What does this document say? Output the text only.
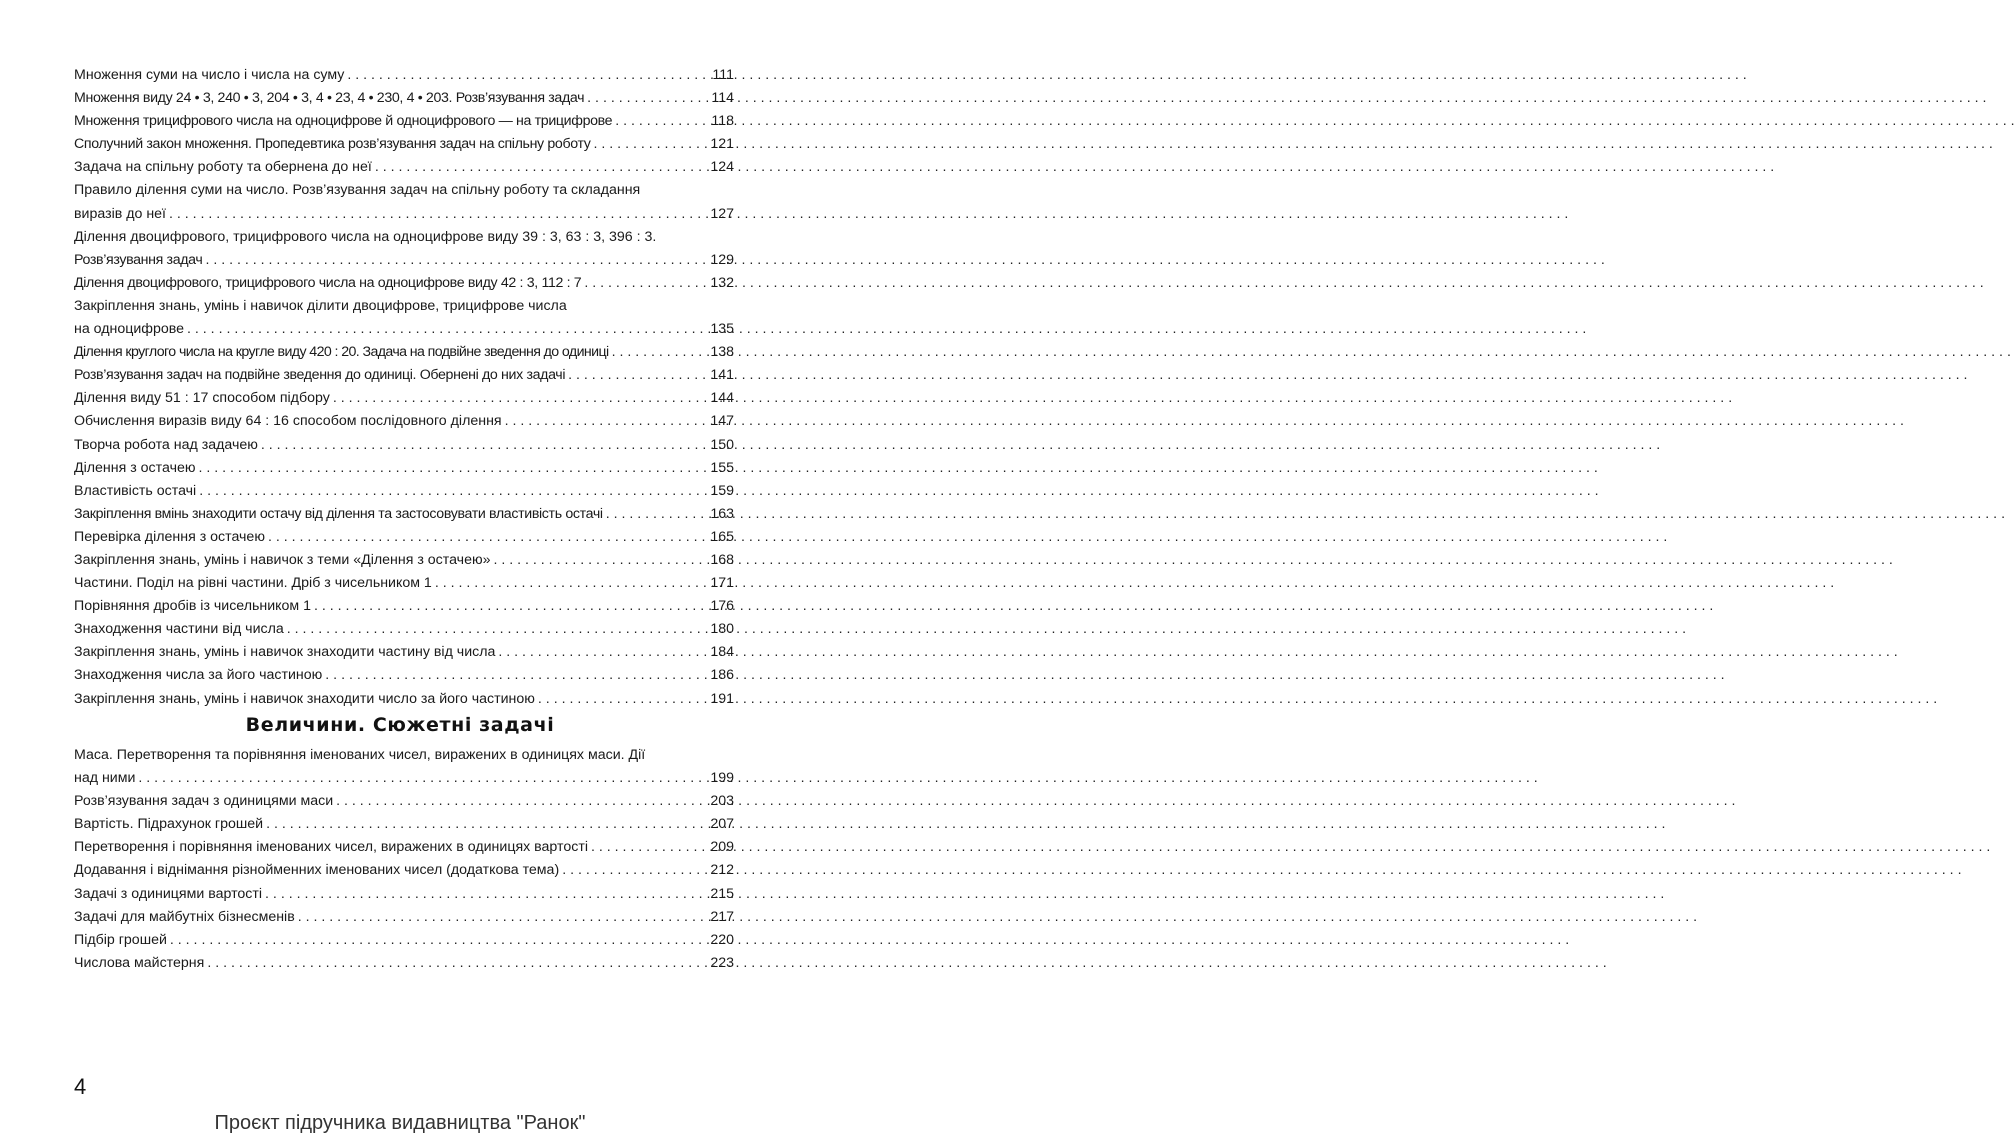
Множення суми на число і числа на суму . . .	111
Множення виду 24 • 3, 240 • 3, 204 • 3, 4 • 23, 4 • 230, 4 • 203. Розв’язування задач . . .	114
Множення трицифрового числа на одноцифрове й одноцифрового — на трицифрове . . .	118
Сполучний закон множення. Пропедевтика розв’язування задач на спільну роботу . . .	121
Задача на спільну роботу та обернена до неї . . .	124
Правило ділення суми на число. Розв’язування задач на спільну роботу та складання
виразів до неї . . .	127
Ділення двоцифрового, трицифрового числа на одноцифрове виду 39 : 3, 63 : 3, 396 : 3.
Розв’язування задач . . .	129
Ділення двоцифрового, трицифрового числа на одноцифрове виду 42 : 3, 112 : 7 . . .	132
Закріплення знань, умінь і навичок ділити двоцифрове, трицифрове числа
на одноцифрове . . .	135
Ділення круглого числа на кругле виду 420 : 20. Задача на подвійне зведення до одиниці . . .	138
Розв’язування задач на подвійне зведення до одиниці. Обернені до них задачі . . .	141
Ділення виду 51 : 17 способом підбору . . .	144
Обчислення виразів виду 64 : 16 способом послідовного ділення . . .	147
Творча робота над задачею . . .	150
Ділення з остачею . . .	155
Властивість остачі . . .	159
Закріплення вмінь знаходити остачу від ділення та застосовувати властивість остачі . . .	163
Перевірка ділення з остачею . . .	165
Закріплення знань, умінь і навичок з теми «Ділення з остачею» . . .	168
Частини. Поділ на рівні частини. Дріб з чисельником 1 . . .	171
Порівняння дробів із чисельником 1 . . .	176
Знаходження частини від числа . . .	180
Закріплення знань, умінь і навичок знаходити частину від числа . . .	184
Знаходження числа за його частиною . . .	186
Закріплення знань, умінь і навичок знаходити число за його частиною . . .	191
Величини. Сюжетні задачі
Маса. Перетворення та порівняння іменованих чисел, виражених в одиницях маси. Дії
над ними . . .	199
Розв’язування задач з одиницями маси . . .	203
Вартість. Підрахунок грошей . . .	207
Перетворення і порівняння іменованих чисел, виражених в одиницях вартості . . .	209
Додавання і віднімання різнойменних іменованих чисел (додаткова тема) . . .	212
Задачі з одиницями вартості . . .	215
Задачі для майбутніх бізнесменів . . .	217
Підбір грошей . . .	220
Числова майстерня . . .	223
4
Проєкт підручника видавництва "Ранок"
